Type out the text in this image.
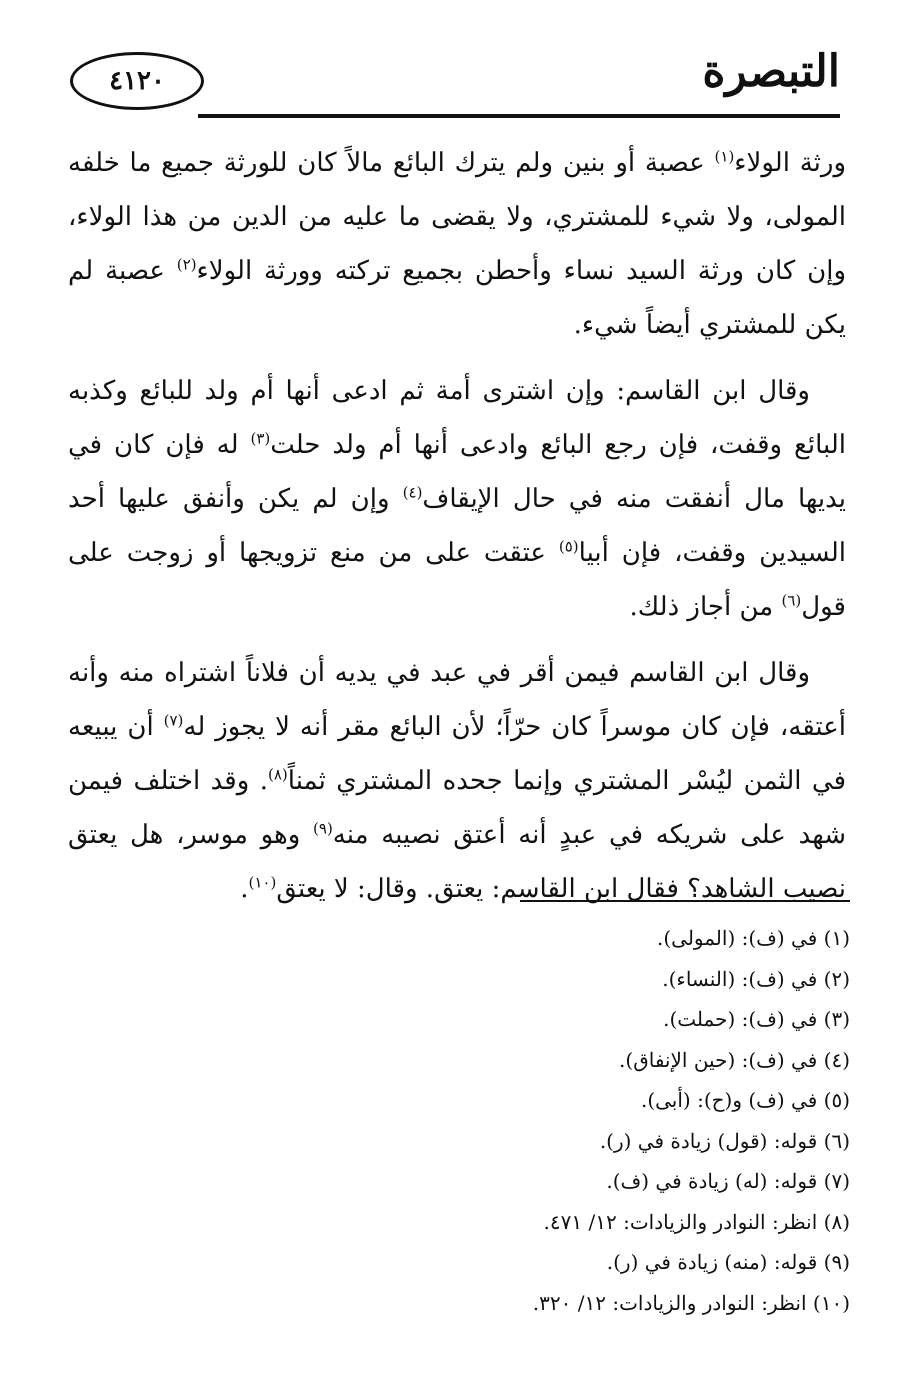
٤١٢٠	التبصرة

ورثة الولاء$^{(١)}$ عصبة أو بنين ولم يترك البائع مالاً كان للورثة جميع ما خلفه المولى، ولا شيء للمشتري، ولا يقضى ما عليه من الدين من هذا الولاء، وإن كان ورثة السيد نساء وأحطن بجميع تركته وورثة الولاء$^{(٢)}$ عصبة لم يكن للمشتري أيضاً شيء.

وقال ابن القاسم: وإن اشترى أمة ثم ادعى أنها أم ولد للبائع وكذبه البائع وقفت، فإن رجع البائع وادعى أنها أم ولد حلت$^{(٣)}$ له فإن كان في يديها مال أنفقت منه في حال الإيقاف$^{(٤)}$ وإن لم يكن وأنفق عليها أحد السيدين وقفت، فإن أبيا$^{(٥)}$ عتقت على من منع تزويجها أو زوجت على قول$^{(٦)}$ من أجاز ذلك.

وقال ابن القاسم فيمن أقر في عبد في يديه أن فلاناً اشتراه منه وأنه أعتقه، فإن كان موسراً كان حرّاً؛ لأن البائع مقر أنه لا يجوز له$^{(٧)}$ أن يبيعه في الثمن ليُسْر المشتري وإنما جحده المشتري ثمناً$^{(٨)}$. وقد اختلف فيمن شهد على شريكه في عبدٍ أنه أعتق نصيبه منه$^{(٩)}$ وهو موسر، هل يعتق نصيب الشاهد؟ فقال ابن القاسم: يعتق. وقال: لا يعتق$^{(١٠)}$.

(١) في (ف): (المولى).
(٢) في (ف): (النساء).
(٣) في (ف): (حملت).
(٤) في (ف): (حين الإنفاق).
(٥) في (ف) و(ح): (أبى).
(٦) قوله: (قول) زيادة في (ر).
(٧) قوله: (له) زيادة في (ف).
(٨) انظر: النوادر والزيادات: ١٢/ ٤٧١.
(٩) قوله: (منه) زيادة في (ر).
(١٠) انظر: النوادر والزيادات: ١٢/ ٣٢٠.
